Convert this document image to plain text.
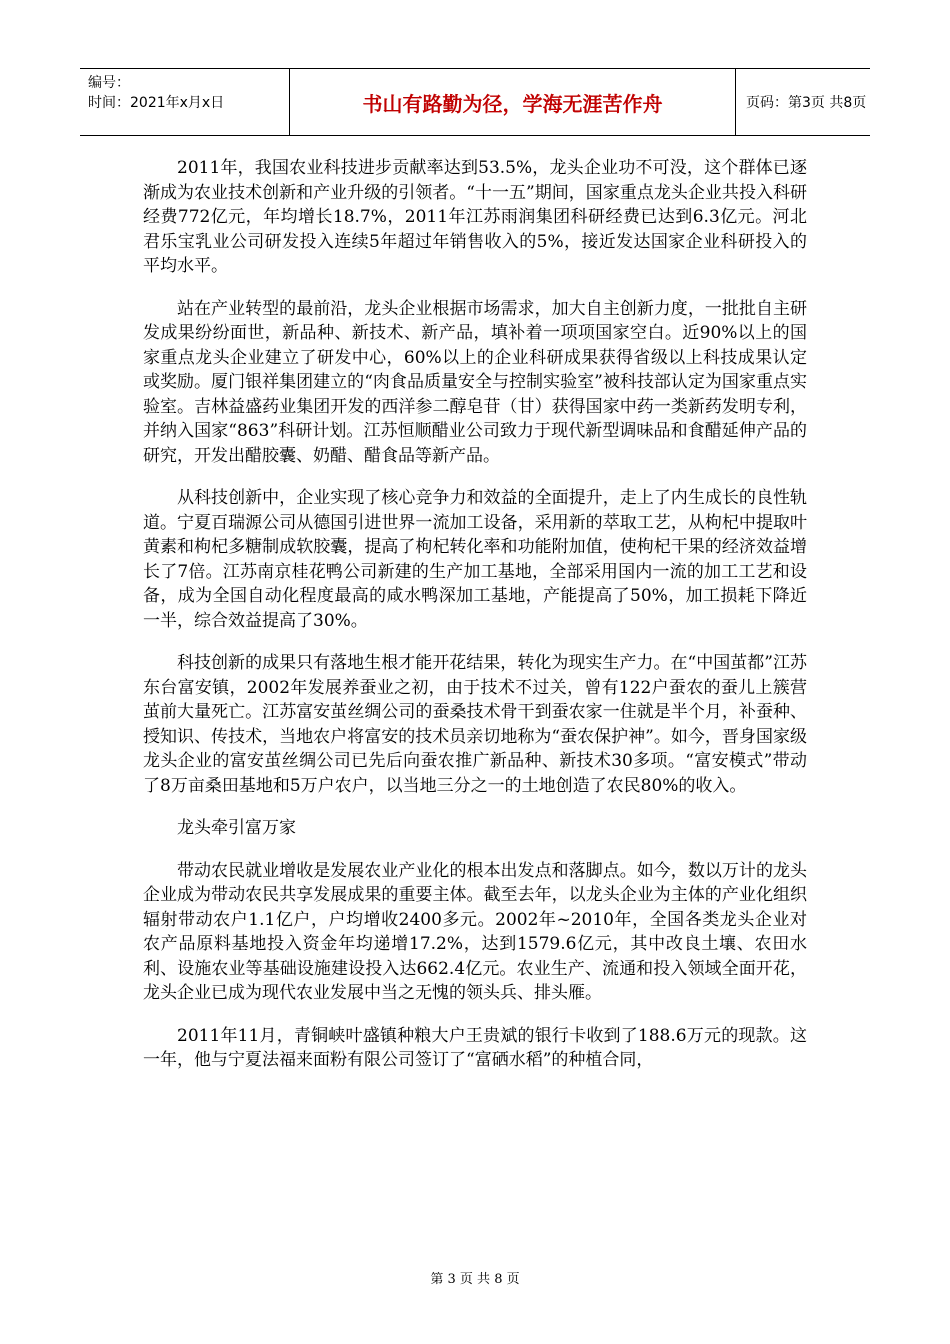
编号：
时间：2021年x月x日	书山有路勤为径，学海无涯苦作舟	页码：第3页 共8页

2011年，我国农业科技进步贡献率达到53.5%，龙头企业功不可没，这个群体已逐渐成为农业技术创新和产业升级的引领者。“十一五”期间，国家重点龙头企业共投入科研经费772亿元，年均增长18.7%，2011年江苏雨润集团科研经费已达到6.3亿元。河北君乐宝乳业公司研发投入连续5年超过年销售收入的5%，接近发达国家企业科研投入的平均水平。

站在产业转型的最前沿，龙头企业根据市场需求，加大自主创新力度，一批批自主研发成果纷纷面世，新品种、新技术、新产品，填补着一项项国家空白。近90%以上的国家重点龙头企业建立了研发中心，60%以上的企业科研成果获得省级以上科技成果认定或奖励。厦门银祥集团建立的“肉食品质量安全与控制实验室”被科技部认定为国家重点实验室。吉林益盛药业集团开发的西洋参二醇皂苷（甘）获得国家中药一类新药发明专利，并纳入国家“863”科研计划。江苏恒顺醋业公司致力于现代新型调味品和食醋延伸产品的研究，开发出醋胶囊、奶醋、醋食品等新产品。

从科技创新中，企业实现了核心竞争力和效益的全面提升，走上了内生成长的良性轨道。宁夏百瑞源公司从德国引进世界一流加工设备，采用新的萃取工艺，从枸杞中提取叶黄素和枸杞多糖制成软胶囊，提高了枸杞转化率和功能附加值，使枸杞干果的经济效益增长了7倍。江苏南京桂花鸭公司新建的生产加工基地，全部采用国内一流的加工工艺和设备，成为全国自动化程度最高的咸水鸭深加工基地，产能提高了50%，加工损耗下降近一半，综合效益提高了30%。

科技创新的成果只有落地生根才能开花结果，转化为现实生产力。在“中国茧都”江苏东台富安镇，2002年发展养蚕业之初，由于技术不过关，曾有122户蚕农的蚕儿上簇营茧前大量死亡。江苏富安茧丝绸公司的蚕桑技术骨干到蚕农家一住就是半个月，补蚕种、授知识、传技术，当地农户将富安的技术员亲切地称为“蚕农保护神”。如今，晋身国家级龙头企业的富安茧丝绸公司已先后向蚕农推广新品种、新技术30多项。“富安模式”带动了8万亩桑田基地和5万户农户，以当地三分之一的土地创造了农民80%的收入。

龙头牵引富万家

带动农民就业增收是发展农业产业化的根本出发点和落脚点。如今，数以万计的龙头企业成为带动农民共享发展成果的重要主体。截至去年，以龙头企业为主体的产业化组织辐射带动农户1.1亿户，户均增收2400多元。2002年~2010年，全国各类龙头企业对农产品原料基地投入资金年均递增17.2%，达到1579.6亿元，其中改良土壤、农田水利、设施农业等基础设施建设投入达662.4亿元。农业生产、流通和投入领域全面开花，龙头企业已成为现代农业发展中当之无愧的领头兵、排头雁。

2011年11月，青铜峡叶盛镇种粮大户王贵斌的银行卡收到了188.6万元的现款。这一年，他与宁夏法福来面粉有限公司签订了“富硒水稻”的种植合同，

第 3 页 共 8 页
